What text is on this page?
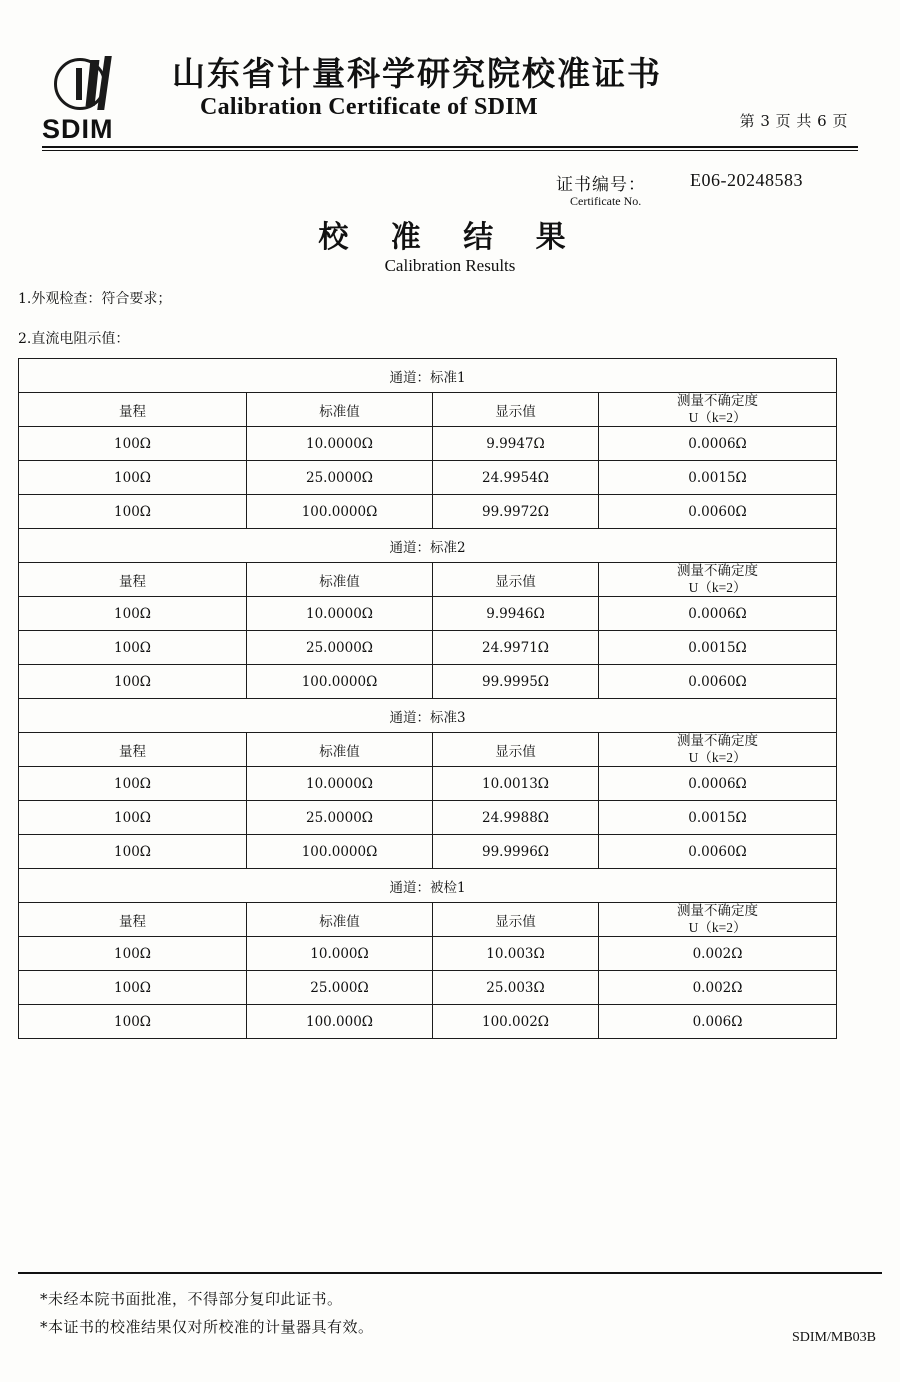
SDIM
山东省计量科学研究院校准证书
Calibration Certificate of SDIM
第 3 页 共 6 页
证书编号：
Certificate No.
E06-20248583
校 准 结 果
Calibration Results
1.外观检查：符合要求；
2.直流电阻示值：
通道：标准1			
量程	标准值	显示值	测量不确定度
U（k=2）

100Ω	10.0000Ω	9.9947Ω	0.0006Ω
100Ω	25.0000Ω	24.9954Ω	0.0015Ω
100Ω	100.0000Ω	99.9972Ω	0.0060Ω
通道：标准2			
量程	标准值	显示值	测量不确定度
U（k=2）

100Ω	10.0000Ω	9.9946Ω	0.0006Ω
100Ω	25.0000Ω	24.9971Ω	0.0015Ω
100Ω	100.0000Ω	99.9995Ω	0.0060Ω
通道：标准3			
量程	标准值	显示值	测量不确定度
U（k=2）

100Ω	10.0000Ω	10.0013Ω	0.0006Ω
100Ω	25.0000Ω	24.9988Ω	0.0015Ω
100Ω	100.0000Ω	99.9996Ω	0.0060Ω
通道：被检1			
量程	标准值	显示值	测量不确定度
U（k=2）

100Ω	10.000Ω	10.003Ω	0.002Ω
100Ω	25.000Ω	25.003Ω	0.002Ω
100Ω	100.000Ω	100.002Ω	0.006Ω
*未经本院书面批准，不得部分复印此证书。
*本证书的校准结果仅对所校准的计量器具有效。
SDIM/MB03B
